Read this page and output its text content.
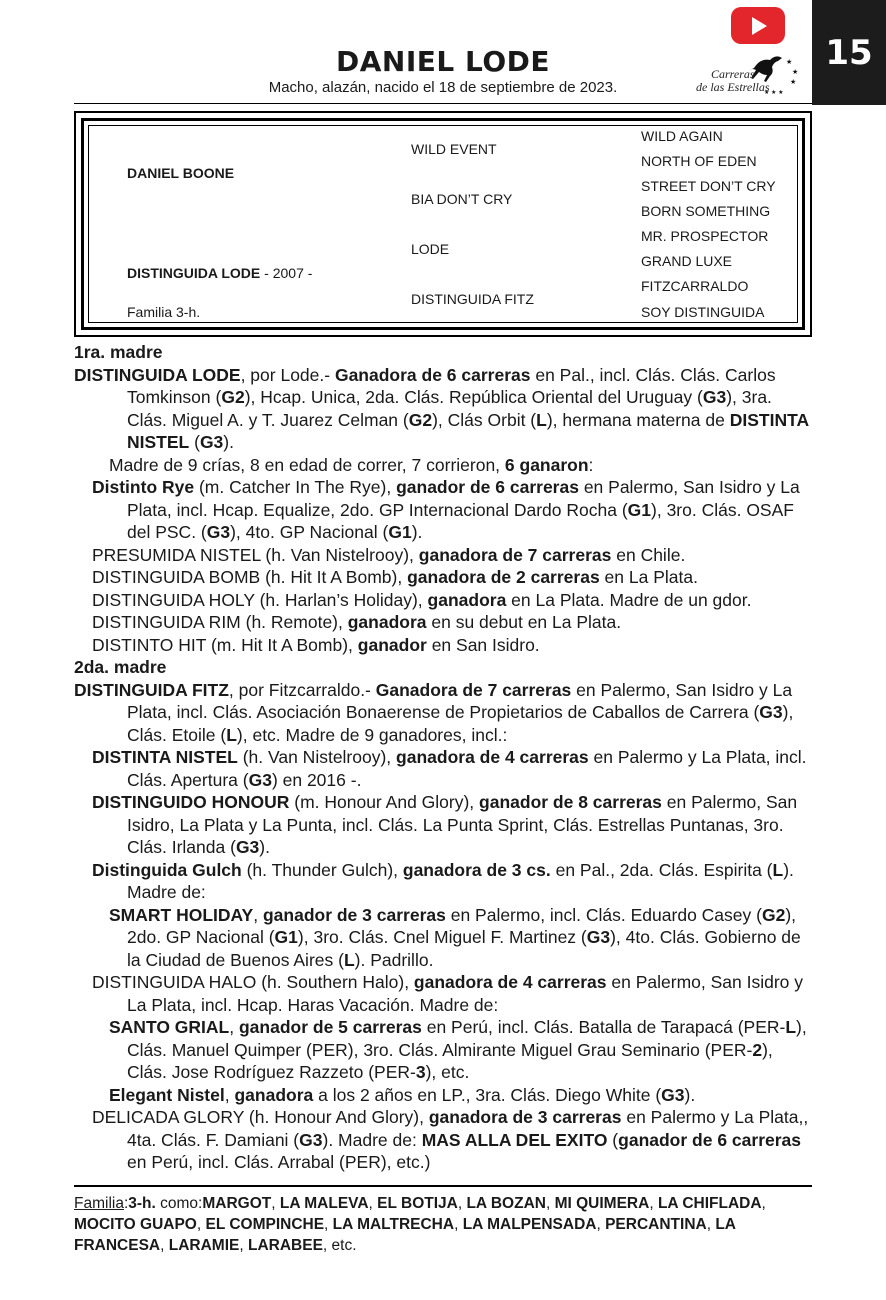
15
★
★
★
★ ★ ★
Carreras
de las Estrellas
DANIEL LODE
Macho, alazán, nacido el 18 de septiembre de 2023.
DANIEL BOONE
DISTINGUIDA LODE - 2007 -
Familia 3-h.
WILD EVENT
BIA DON’T CRY
LODE
DISTINGUIDA FITZ
WILD AGAIN
NORTH OF EDEN
STREET DON’T CRY
BORN SOMETHING
MR. PROSPECTOR
GRAND LUXE
FITZCARRALDO
SOY DISTINGUIDA

1ra. madre

DISTINGUIDA LODE, por Lode.- Ganadora de 6 carreras en Pal., incl. Clás. Clás. Carlos Tomkinson (G2), Hcap. Unica, 2da. Clás. República Oriental del Uruguay (G3), 3ra. Clás. Miguel A. y T. Juarez Celman (G2), Clás Orbit (L), hermana materna de DISTINTA NISTEL (G3).

Madre de 9 crías, 8 en edad de correr, 7 corrieron, 6 ganaron:

Distinto Rye (m. Catcher In The Rye), ganador de 6 carreras en Palermo, San Isidro y La Plata, incl. Hcap. Equalize, 2do. GP Internacional Dardo Rocha (G1), 3ro. Clás. OSAF del PSC. (G3), 4to. GP Nacional (G1).

PRESUMIDA NISTEL (h. Van Nistelrooy), ganadora de 7 carreras en Chile.

DISTINGUIDA BOMB (h. Hit It A Bomb), ganadora de 2 carreras en La Plata.

DISTINGUIDA HOLY (h. Harlan’s Holiday), ganadora en La Plata. Madre de un gdor.

DISTINGUIDA RIM (h. Remote), ganadora en su debut en La Plata.

DISTINTO HIT (m. Hit It A Bomb), ganador en San Isidro.

2da. madre

DISTINGUIDA FITZ, por Fitzcarraldo.- Ganadora de 7 carreras en Palermo, San Isidro y La Plata, incl. Clás. Asociación Bonaerense de Propietarios de Caballos de Carrera (G3), Clás. Etoile (L), etc. Madre de 9 ganadores, incl.:

DISTINTA NISTEL (h. Van Nistelrooy), ganadora de 4 carreras en Palermo y La Plata, incl. Clás. Apertura (G3) en 2016 -.

DISTINGUIDO HONOUR (m. Honour And Glory), ganador de 8 carreras en Palermo, San Isidro, La Plata y La Punta, incl. Clás. La Punta Sprint, Clás. Estrellas Puntanas, 3ro. Clás. Irlanda (G3).

Distinguida Gulch (h. Thunder Gulch), ganadora de 3 cs. en Pal., 2da. Clás. Espirita (L). Madre de:

SMART HOLIDAY, ganador de 3 carreras en Palermo, incl. Clás. Eduardo Casey (G2), 2do. GP Nacional (G1), 3ro. Clás. Cnel Miguel F. Martinez (G3), 4to. Clás. Gobierno de la Ciudad de Buenos Aires (L). Padrillo.

DISTINGUIDA HALO (h. Southern Halo), ganadora de 4 carreras en Palermo, San Isidro y La Plata, incl. Hcap. Haras Vacación. Madre de:

SANTO GRIAL, ganador de 5 carreras en Perú, incl. Clás. Batalla de Tarapacá (PER-L), Clás. Manuel Quimper (PER), 3ro. Clás. Almirante Miguel Grau Seminario (PER-2), Clás. Jose Rodríguez Razzeto (PER-3), etc.

Elegant Nistel, ganadora a los 2 años en LP., 3ra. Clás. Diego White (G3).

DELICADA GLORY (h. Honour And Glory), ganadora de 3 carreras en Palermo y La Plata,, 4ta. Clás. F. Damiani (G3). Madre de: MAS ALLA DEL EXITO (ganador de 6 carreras en Perú, incl. Clás. Arrabal (PER), etc.)

Familia:3-h. como:MARGOT, LA MALEVA, EL BOTIJA, LA BOZAN, MI QUIMERA, LA CHIFLADA, MOCITO GUAPO, EL COMPINCHE, LA MALTRECHA, LA MALPENSADA, PERCANTINA, LA FRANCESA, LARAMIE, LARABEE, etc.
